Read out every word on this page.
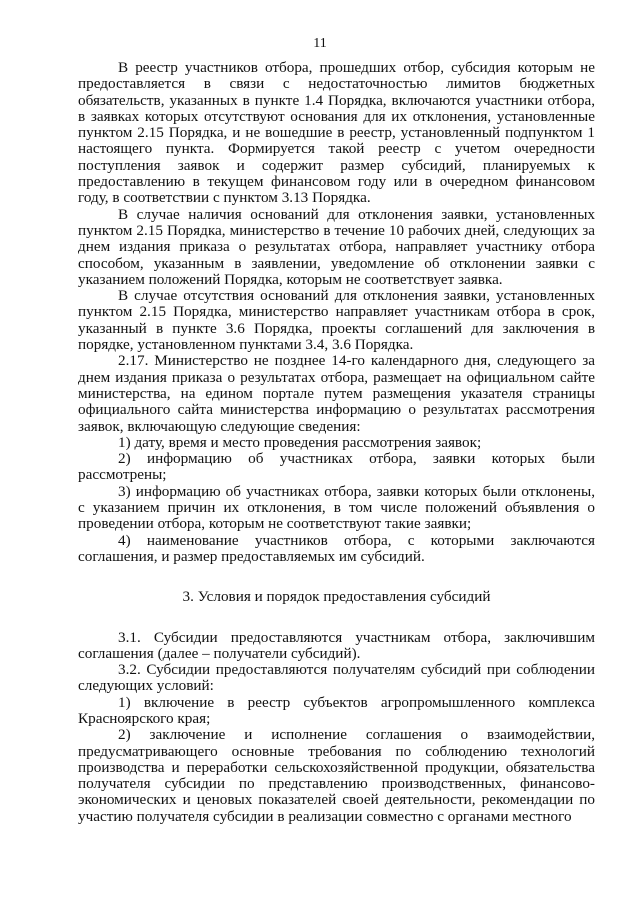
11

В реестр участников отбора, прошедших отбор, субсидия которым не предоставляется в связи с недостаточностью лимитов бюджетных обязательств, указанных в пункте 1.4 Порядка, включаются участники отбора, в заявках которых отсутствуют основания для их отклонения, установленные пунктом 2.15 Порядка, и не вошедшие в реестр, установленный подпунктом 1 настоящего пункта. Формируется такой реестр с учетом очередности поступления заявок и содержит размер субсидий, планируемых к предоставлению в текущем финансовом году или в очередном финансовом году, в соответствии с пунктом 3.13 Порядка.

В случае наличия оснований для отклонения заявки, установленных пунктом 2.15 Порядка, министерство в течение 10 рабочих дней, следующих за днем издания приказа о результатах отбора, направляет участнику отбора способом, указанным в заявлении, уведомление об отклонении заявки с указанием положений Порядка, которым не соответствует заявка.

В случае отсутствия оснований для отклонения заявки, установленных пунктом 2.15 Порядка, министерство направляет участникам отбора в срок, указанный в пункте 3.6 Порядка, проекты соглашений для заключения в порядке, установленном пунктами 3.4, 3.6 Порядка.

2.17. Министерство не позднее 14-го календарного дня, следующего за днем издания приказа о результатах отбора, размещает на официальном сайте министерства, на едином портале путем размещения указателя страницы официального сайта министерства информацию о результатах рассмотрения заявок, включающую следующие сведения:

1) дату, время и место проведения рассмотрения заявок;

2) информацию об участниках отбора, заявки которых были рассмотрены;

3) информацию об участниках отбора, заявки которых были отклонены, с указанием причин их отклонения, в том числе положений объявления о проведении отбора, которым не соответствуют такие заявки;

4) наименование участников отбора, с которыми заключаются соглашения, и размер предоставляемых им субсидий.

3. Условия и порядок предоставления субсидий

3.1. Субсидии предоставляются участникам отбора, заключившим соглашения (далее – получатели субсидий).

3.2. Субсидии предоставляются получателям субсидий при соблюдении следующих условий:

1) включение в реестр субъектов агропромышленного комплекса Красноярского края;

2) заключение и исполнение соглашения о взаимодействии, предусматривающего основные требования по соблюдению технологий производства и переработки сельскохозяйственной продукции, обязательства получателя субсидии по представлению производственных, финансово-экономических и ценовых показателей своей деятельности, рекомендации по участию получателя субсидии в реализации совместно с органами местного
